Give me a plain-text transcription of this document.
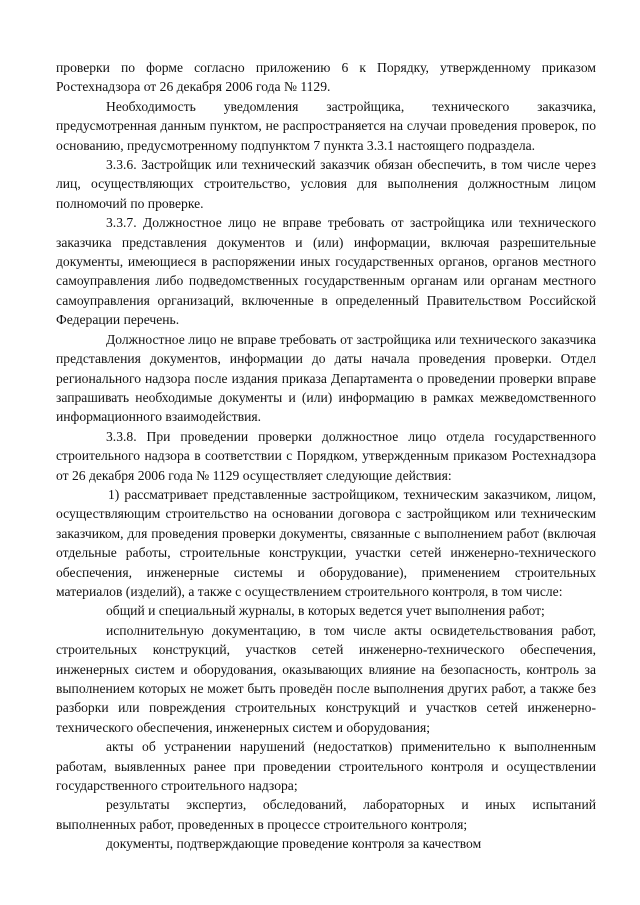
проверки по форме согласно приложению 6 к Порядку, утвержденному приказом Ростехнадзора от 26 декабря 2006 года № 1129.

Необходимость уведомления застройщика, технического заказчика, предусмотренная данным пунктом, не распространяется на случаи проведения проверок, по основанию, предусмотренному подпунктом 7 пункта 3.3.1 настоящего подраздела.

3.3.6. Застройщик или технический заказчик обязан обеспечить, в том числе через лиц, осуществляющих строительство, условия для выполнения должностным лицом полномочий по проверке.

3.3.7. Должностное лицо не вправе требовать от застройщика или технического заказчика представления документов и (или) информации, включая разрешительные документы, имеющиеся в распоряжении иных государственных органов, органов местного самоуправления либо подведомственных государственным органам или органам местного самоуправления организаций, включенные в определенный Правительством Российской Федерации перечень.

Должностное лицо не вправе требовать от застройщика или технического заказчика представления документов, информации до даты начала проведения проверки. Отдел регионального надзора после издания приказа Департамента о проведении проверки вправе запрашивать необходимые документы и (или) информацию в рамках межведомственного информационного взаимодействия.

3.3.8. При проведении проверки должностное лицо отдела государственного строительного надзора в соответствии с Порядком, утвержденным приказом Ростехнадзора от 26 декабря 2006 года № 1129 осуществляет следующие действия:

1) рассматривает представленные застройщиком, техническим заказчиком, лицом, осуществляющим строительство на основании договора с застройщиком или техническим заказчиком, для проведения проверки документы, связанные с выполнением работ (включая отдельные работы, строительные конструкции, участки сетей инженерно-технического обеспечения, инженерные системы и оборудование), применением строительных материалов (изделий), а также с осуществлением строительного контроля, в том числе:

общий и специальный журналы, в которых ведется учет выполнения работ;

исполнительную документацию, в том числе акты освидетельствования работ, строительных конструкций, участков сетей инженерно-технического обеспечения, инженерных систем и оборудования, оказывающих влияние на безопасность, контроль за выполнением которых не может быть проведён после выполнения других работ, а также без разборки или повреждения строительных конструкций и участков сетей инженерно-технического обеспечения, инженерных систем и оборудования;

акты об устранении нарушений (недостатков) применительно к выполненным работам, выявленных ранее при проведении строительного контроля и осуществлении государственного строительного надзора;

результаты экспертиз, обследований, лабораторных и иных испытаний выполненных работ, проведенных в процессе строительного контроля;

документы, подтверждающие проведение контроля за качеством
